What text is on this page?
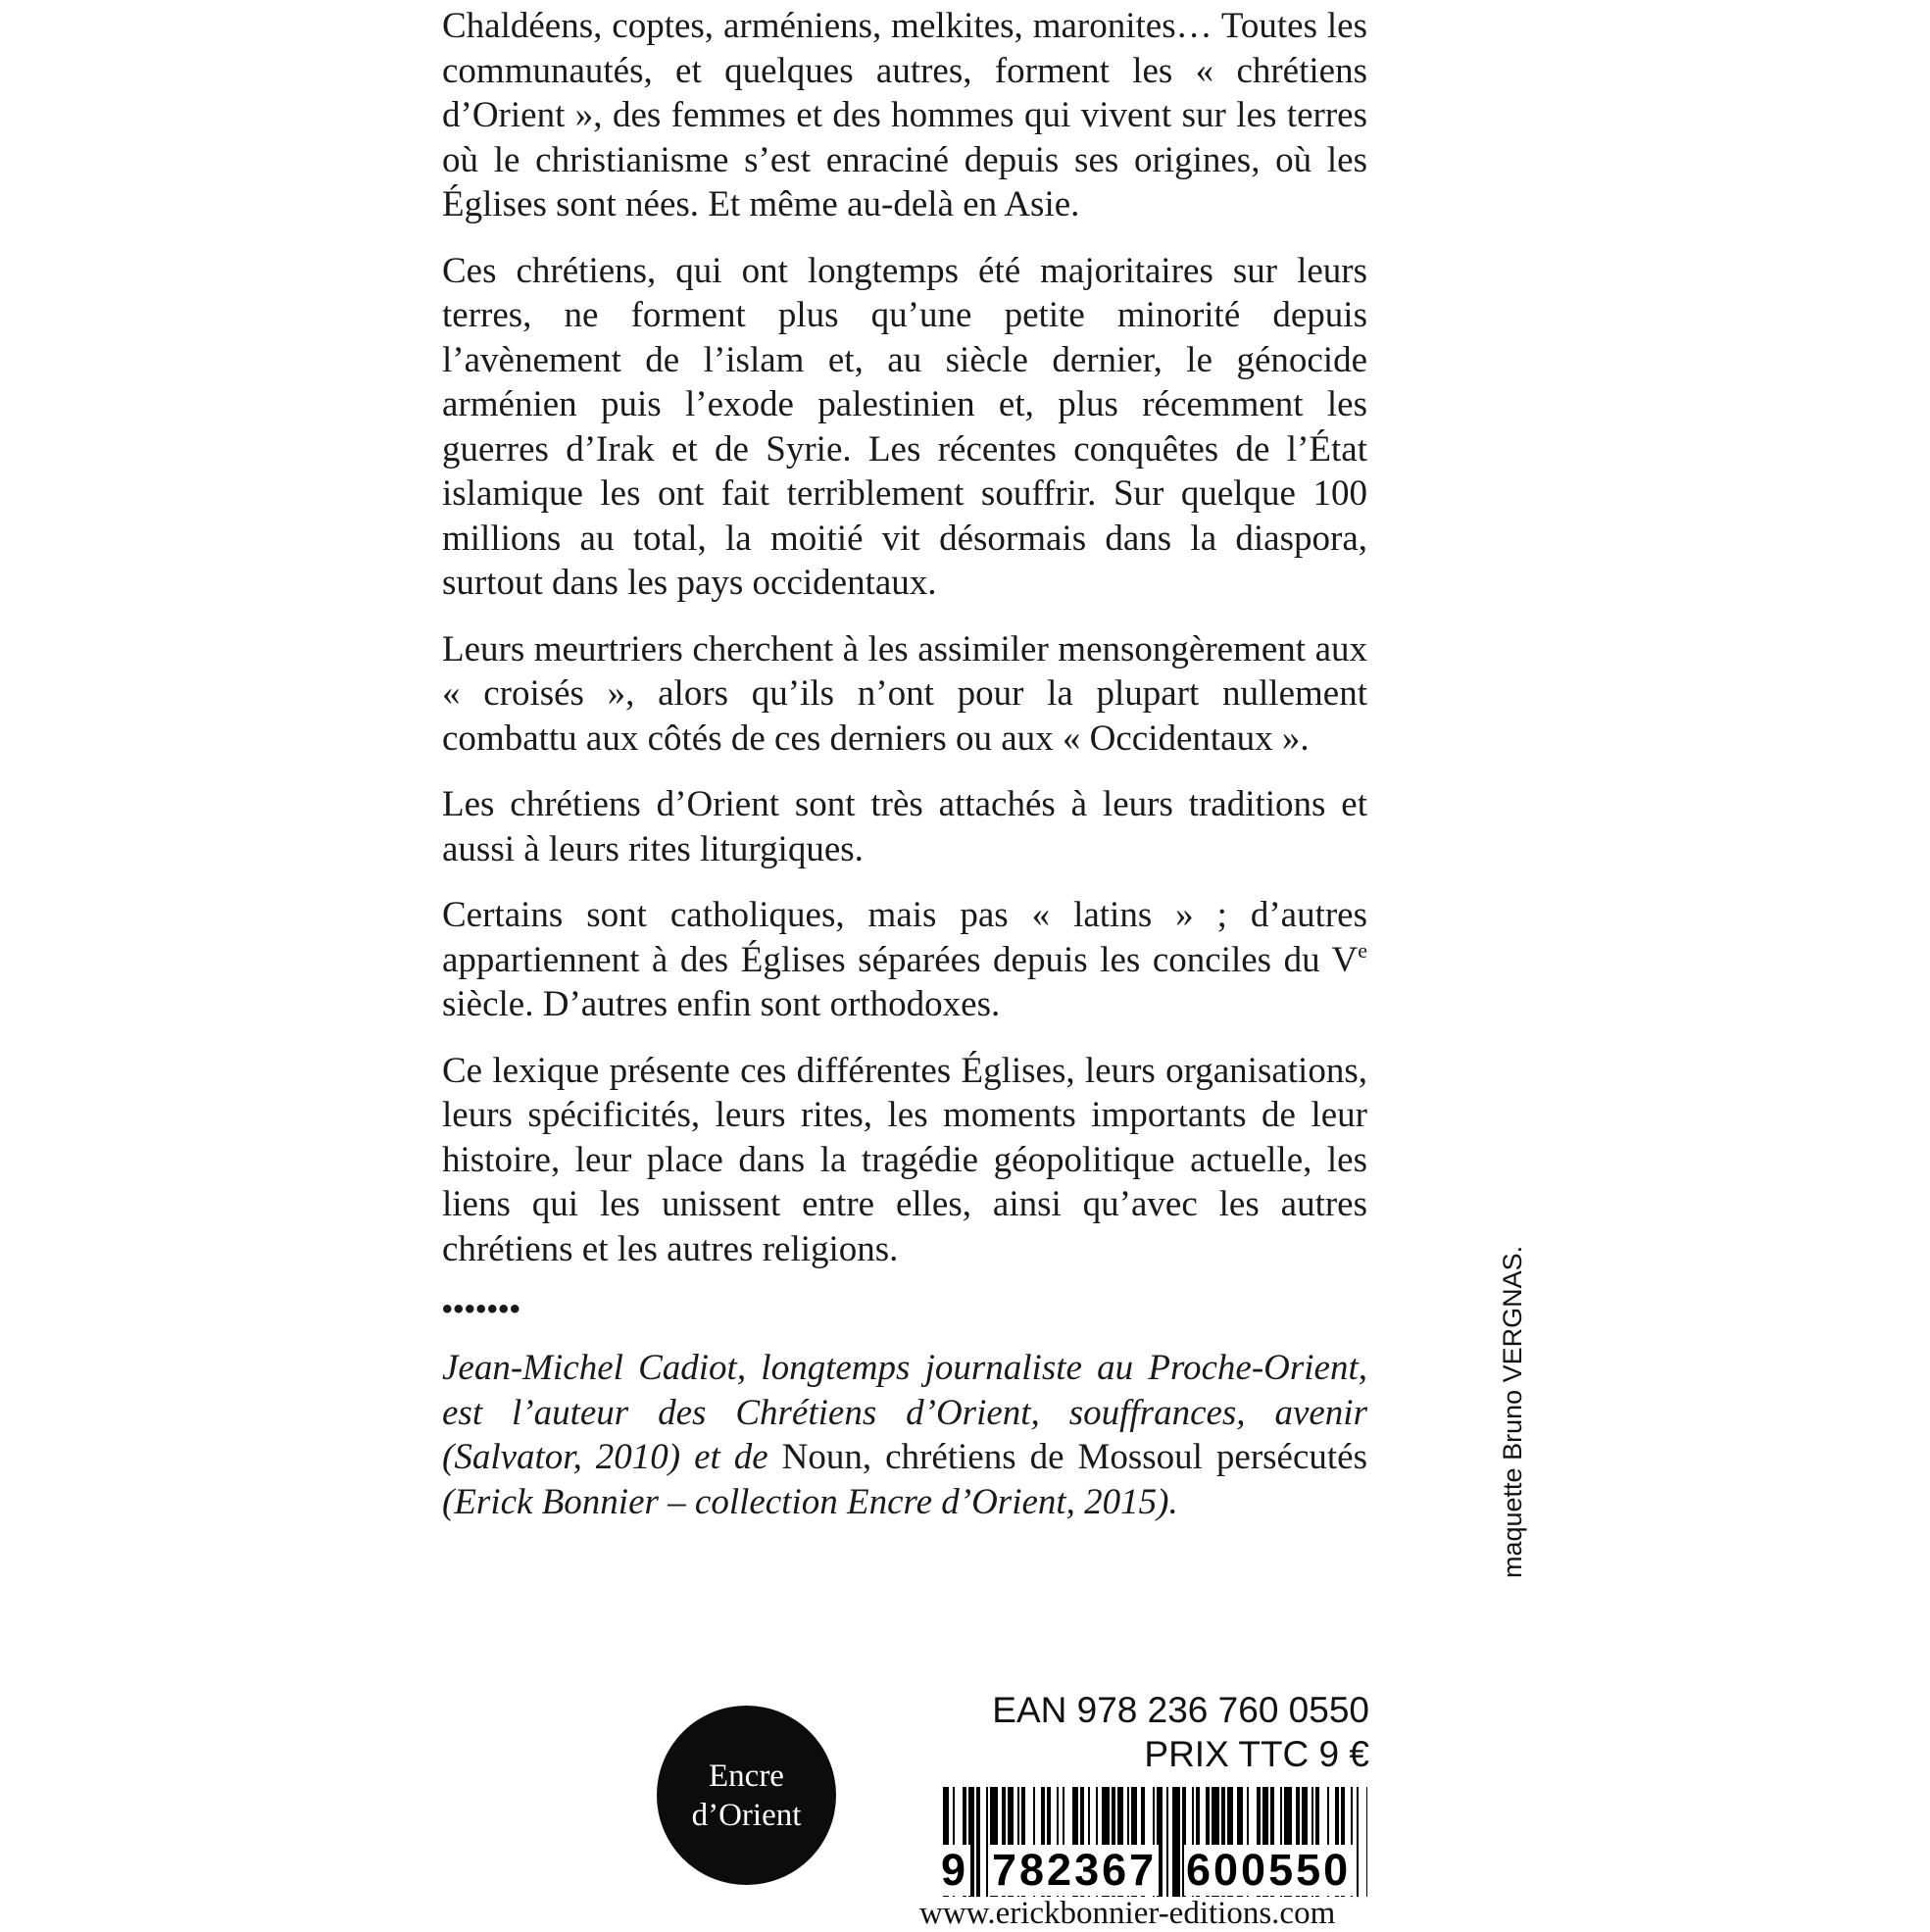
Chaldéens, coptes, arméniens, melkites, maronites… Toutes les communautés, et quelques autres, forment les « chrétiens d’Orient », des femmes et des hommes qui vivent sur les terres où le christianisme s’est enraciné depuis ses origines, où les Églises sont nées. Et même au-delà en Asie.

Ces chrétiens, qui ont longtemps été majoritaires sur leurs terres, ne forment plus qu’une petite minorité depuis l’avènement de l’islam et, au siècle dernier, le génocide arménien puis l’exode palestinien et, plus récemment les guerres d’Irak et de Syrie. Les récentes conquêtes de l’État islamique les ont fait terriblement souffrir. Sur quelque 100 millions au total, la moitié vit désormais dans la diaspora, surtout dans les pays occidentaux.

Leurs meurtriers cherchent à les assimiler mensongèrement aux « croisés », alors qu’ils n’ont pour la plupart nullement combattu aux côtés de ces derniers ou aux « Occidentaux ».

Les chrétiens d’Orient sont très attachés à leurs traditions et aussi à leurs rites liturgiques.

Certains sont catholiques, mais pas « latins » ; d’autres appartiennent à des Églises séparées depuis les conciles du Ve siècle. D’autres enfin sont orthodoxes.

Ce lexique présente ces différentes Églises, leurs organisations, leurs spécificités, leurs rites, les moments importants de leur histoire, leur place dans la tragédie géopolitique actuelle, les liens qui les unissent entre elles, ainsi qu’avec les autres chrétiens et les autres religions.

•••••••

Jean-Michel Cadiot, longtemps journaliste au Proche-Orient, est l’auteur des Chrétiens d’Orient, souffrances, avenir (Salvator, 2010) et de Noun, chrétiens de Mossoul persécutés (Erick Bonnier – collection Encre d’Orient, 2015).	maquette Bruno VERGNAS.
Encre
d’Orient
EAN 978 236 760 0550
PRIX TTC 9 €
9 782367 600550
www.erickbonnier-editions.com
